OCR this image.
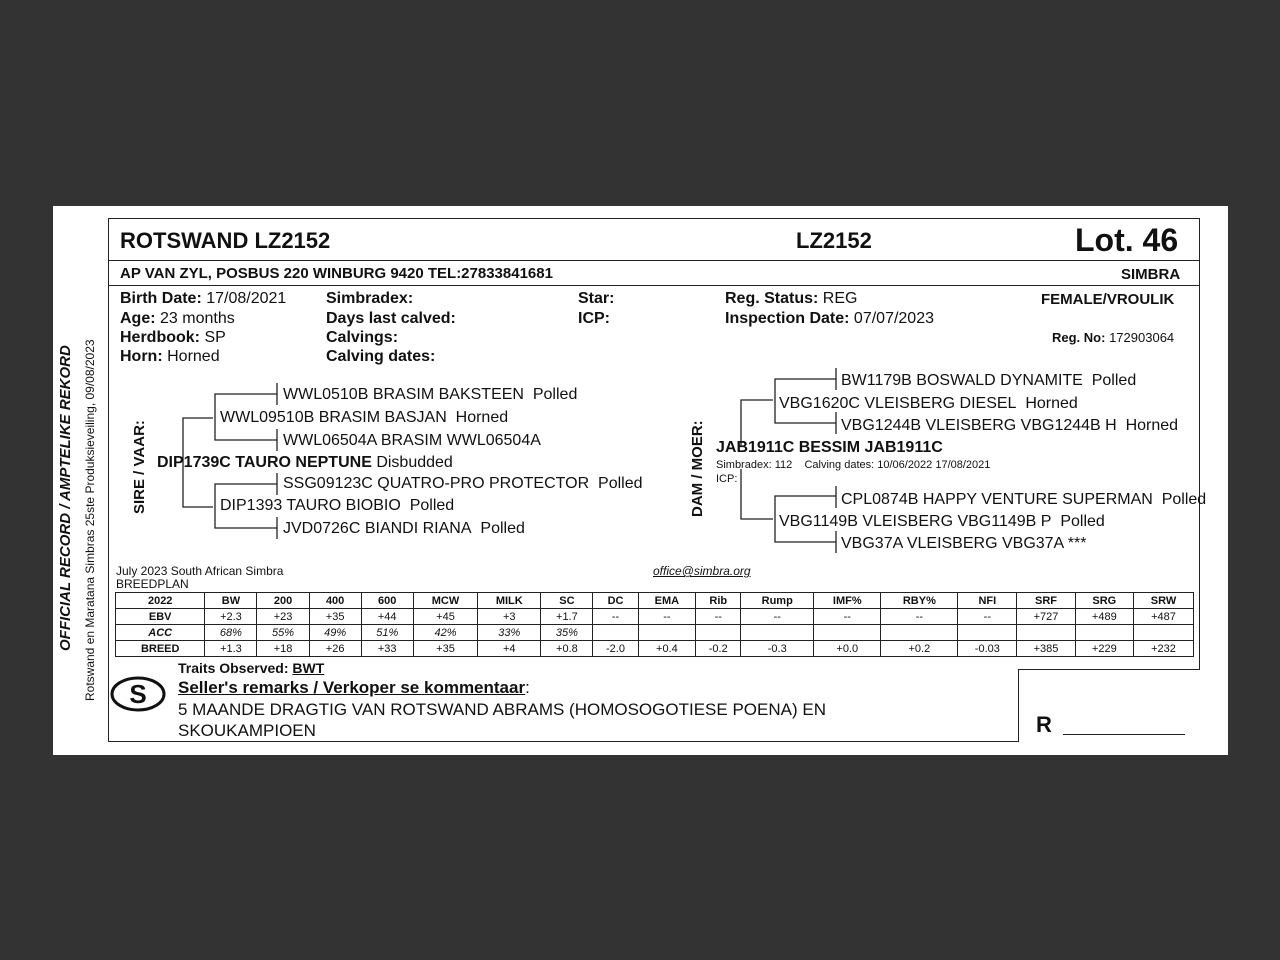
OFFICIAL RECORD / AMPTELIKE REKORD Rotswand en Maratana Simbras 25ste Produksieveiling, 09/08/2023
ROTSWAND LZ2152	LZ2152	Lot. 46
AP VAN ZYL, POSBUS 220 WINBURG 9420 TEL:27833841681	SIMBRA
Birth Date: 17/08/2021
Age: 23 months
Herdbook: SP
Horn: Horned
Simbradex:
Days last calved:
Calvings:
Calving dates:
Star:
ICP:
Reg. Status: REG
Inspection Date: 07/07/2023
FEMALE/VROULIK
Reg. No: 172903064
SIRE / VAAR:
WWL0510B BRASIM BAKSTEEN Polled
WWL09510B BRASIM BASJAN Horned
WWL06504A BRASIM WWL06504A
DIP1739C TAURO NEPTUNE Disbudded
SSG09123C QUATRO-PRO PROTECTOR Polled
DIP1393 TAURO BIOBIO Polled
JVD0726C BIANDI RIANA Polled
DAM / MOER:
BW1179B BOSWALD DYNAMITE Polled
VBG1620C VLEISBERG DIESEL Horned
VBG1244B VLEISBERG VBG1244B H Horned
JAB1911C BESSIM JAB1911C
Simbradex: 112 Calving dates: 10/06/2022 17/08/2021
ICP:
CPL0874B HAPPY VENTURE SUPERMAN Polled
VBG1149B VLEISBERG VBG1149B P Polled
VBG37A VLEISBERG VBG37A ***
July 2023 South African Simbra
BREEDPLAN
office@simbra.org
2022	BW	200	400	600	MCW	MILK	SC	DC	EMA	Rib	Rump	IMF%	RBY%	NFI	SRF	SRG	SRW
EBV	+2.3	+23	+35	+44	+45	+3	+1.7	--	--	--	--	--	--	--	+727	+489	+487
ACC	68%	55%	49%	51%	42%	33%	35%										
BREED	+1.3	+18	+26	+33	+35	+4	+0.8	-2.0	+0.4	-0.2	-0.3	+0.0	+0.2	-0.03	+385	+229	+232
S
Traits Observed: BWT
Seller's remarks / Verkoper se kommentaar:
5 MAANDE DRAGTIG VAN ROTSWAND ABRAMS (HOMOSOGOTIESE POENA) EN
SKOUKAMPIOEN	R
